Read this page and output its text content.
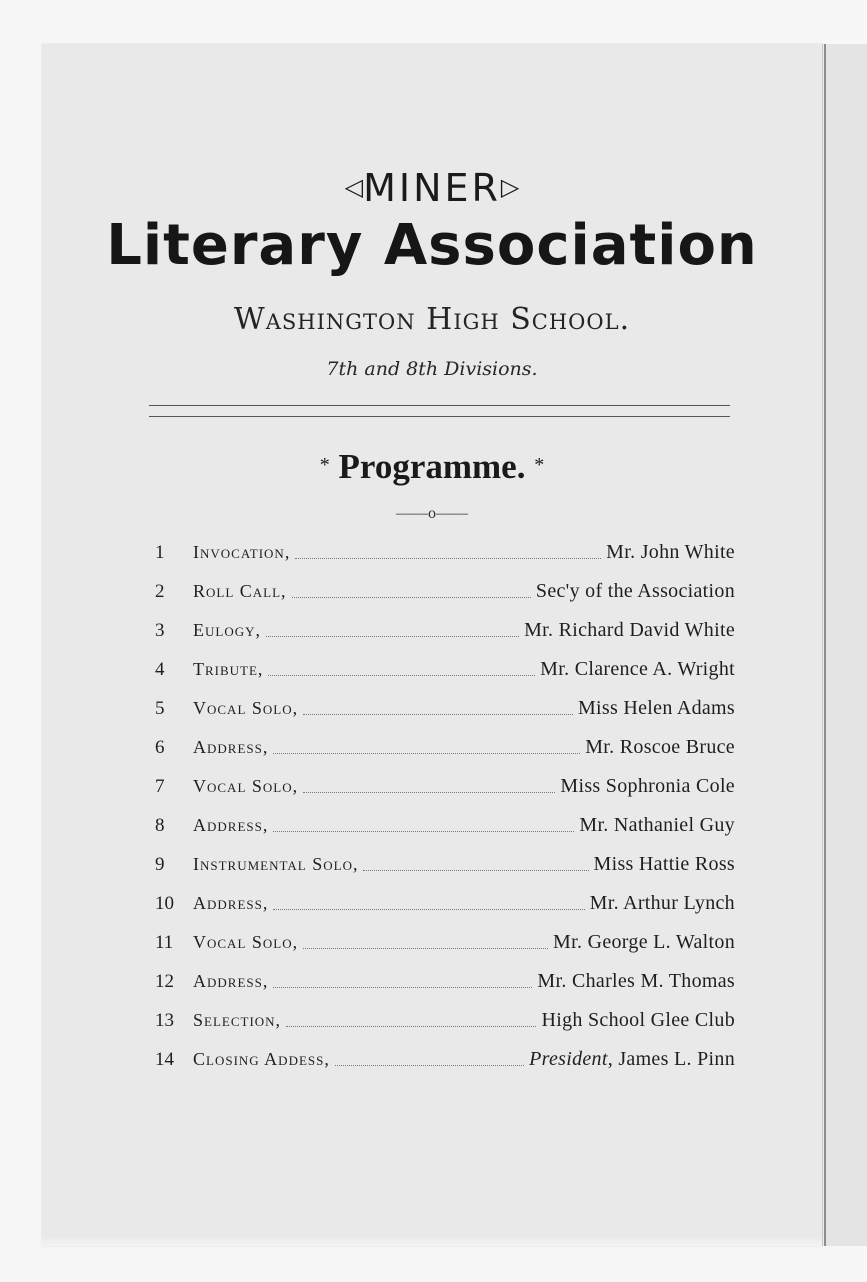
◁MINER▷
Literary Association
Washington High School.
7th and 8th Divisions.
* Programme. *
——o——
1	Invocation,	Mr. John White
2	Roll Call,	Sec'y of the Association
3	Eulogy,	Mr. Richard David White
4	Tribute,	Mr. Clarence A. Wright
5	Vocal Solo,	Miss Helen Adams
6	Address,	Mr. Roscoe Bruce
7	Vocal Solo,	Miss Sophronia Cole
8	Address,	Mr. Nathaniel Guy
9	Instrumental Solo,	Miss Hattie Ross
10	Address,	Mr. Arthur Lynch
11	Vocal Solo,	Mr. George L. Walton
12	Address,	Mr. Charles M. Thomas
13	Selection,	High School Glee Club
14	Closing Addess,	President, James L. Pinn
